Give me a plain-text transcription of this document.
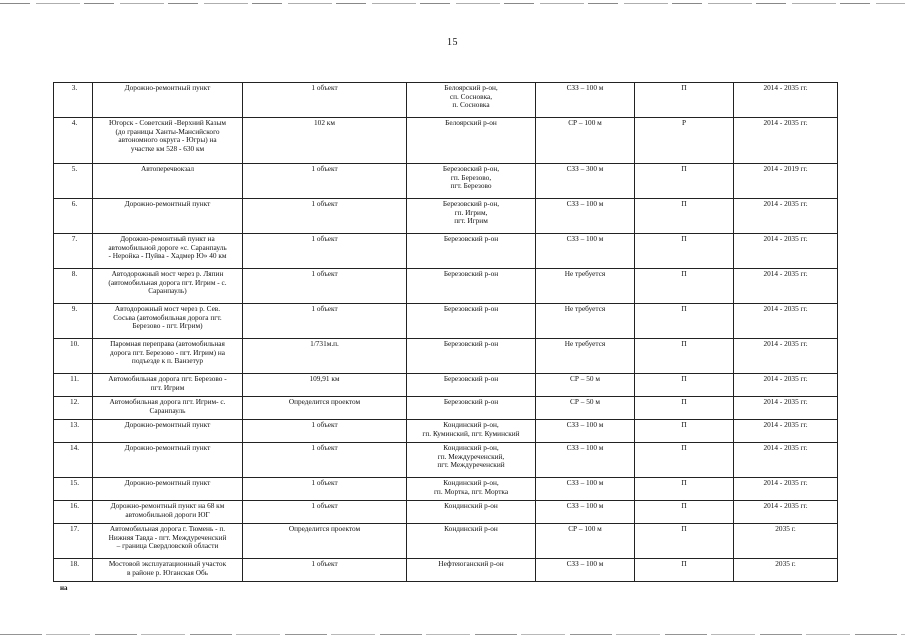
15
3.	Дорожно-ремонтный пункт	1 объект	Белоярский р-он,
сп. Сосновка,
п. Сосновка	СЗЗ – 100 м	П	2014 - 2035 гг.
4.	Югорск - Советский -Верхний Казым
(до границы Ханты-Мансийского
автономного округа - Югры) на
участке км 528 - 630 км	102 км	Белоярский р-он	СР – 100 м	Р	2014 - 2035 гг.
5.	Автоперечвокзал	1 объект	Березовский р-он,
гп. Березово,
пгт. Березово	СЗЗ – 300 м	П	2014 - 2019 гг.
6.	Дорожно-ремонтный пункт	1 объект	Березовский р-он,
гп. Игрим,
пгт. Игрим	СЗЗ – 100 м	П	2014 - 2035 гг.
7.	Дорожно-ремонтный пункт на
автомобильной дороге «с. Саранпауль
- Неройка - Пуйва - Хадмер Ю» 40 км	1 объект	Березовский р-он	СЗЗ – 100 м	П	2014 - 2035 гг.
8.	Автодорожный мост через р. Ляпин
(автомобильная дорога пгт. Игрим - с.
Саранпауль)	1 объект	Березовский р-он	Не требуется	П	2014 - 2035 гг.
9.	Автодорожный мост через р. Сев.
Сосьва (автомобильная дорога пгт.
Березово - пгт. Игрим)	1 объект	Березовский р-он	Не требуется	П	2014 - 2035 гг.
10.	Паромная переправа (автомобильная
дорога пгт. Березово - пгт. Игрим) на
подъезде к п. Ванзетур	1/731м.п.	Березовский р-он	Не требуется	П	2014 - 2035 гг.
11.	Автомобильная дорога пгт. Березово -
пгт. Игрим	109,91 км	Березовский р-он	СР – 50 м	П	2014 - 2035 гг.
12.	Автомобильная дорога пгт. Игрим- с.
Саранпауль	Определится проектом	Березовский р-он	СР – 50 м	П	2014 - 2035 гг.
13.	Дорожно-ремонтный пункт	1 объект	Кондинский р-он,
гп. Куминский, пгт. Куминский	СЗЗ – 100 м	П	2014 - 2035 гг.
14.	Дорожно-ремонтный пункт	1 объект	Кондинский р-он,
гп. Междуреченский,
пгт. Междуреченский	СЗЗ – 100 м	П	2014 - 2035 гг.
15.	Дорожно-ремонтный пункт	1 объект	Кондинский р-он,
гп. Мортка, пгт. Мортка	СЗЗ – 100 м	П	2014 - 2035 гг.
16.	Дорожно-ремонтный пункт на 68 км
автомобильной дороги ЮГ	1 объект	Кондинский р-он	СЗЗ – 100 м	П	2014 - 2035 гг.
17.	Автомобильная дорога г. Тюмень - п.
Нижняя Тавда - пгт. Междуреченский
– граница Свердловской области	Определится проектом	Кондинский р-он	СР – 100 м	П	2035 г.
18.	Мостовой эксплуатационный участок
в районе р. Юганская Обь	1 объект	Нефтеюганский р-он	СЗЗ – 100 м	П	2035 г.
на
